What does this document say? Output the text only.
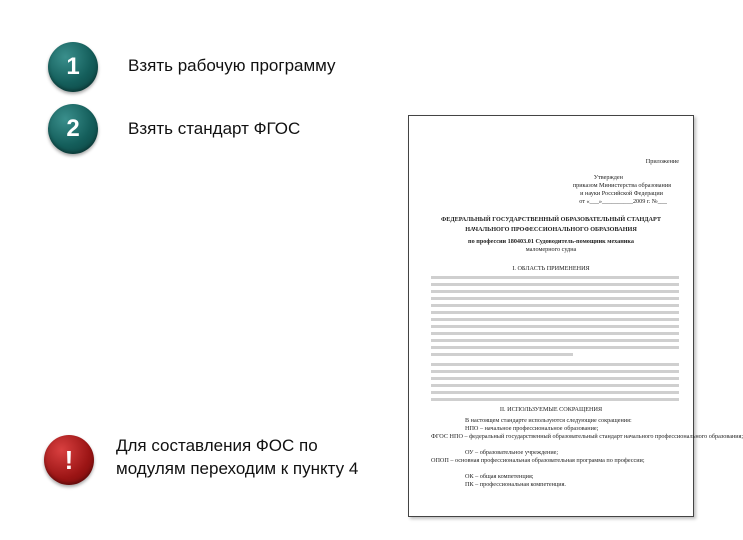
1	Взять рабочую программу
2	Взять стандарт ФГОС
!	Для составления ФОС по модулям переходим к пункту 4
Приложение
Утвержден
приказом Министерства образования
и науки Российской Федерации
от «___»__________2009 г. №___
ФЕДЕРАЛЬНЫЙ ГОСУДАРСТВЕННЫЙ ОБРАЗОВАТЕЛЬНЫЙ СТАНДАРТ
НАЧАЛЬНОГО ПРОФЕССИОНАЛЬНОГО ОБРАЗОВАНИЯ
по профессии 180403.01 Судоводитель-помощник механика
маломерного судна
I. ОБЛАСТЬ ПРИМЕНЕНИЯ
II. ИСПОЛЬЗУЕМЫЕ СОКРАЩЕНИЯ
В настоящем стандарте используются следующие сокращения:
НПО – начальное профессиональное образование;
ФГОС НПО – федеральный государственный образовательный стандарт начального профессионального образования;
ОУ – образовательное учреждение;
ОПОП – основная профессиональная образовательная программа по профессии;
ОК – общая компетенция;
ПК – профессиональная компетенция.
